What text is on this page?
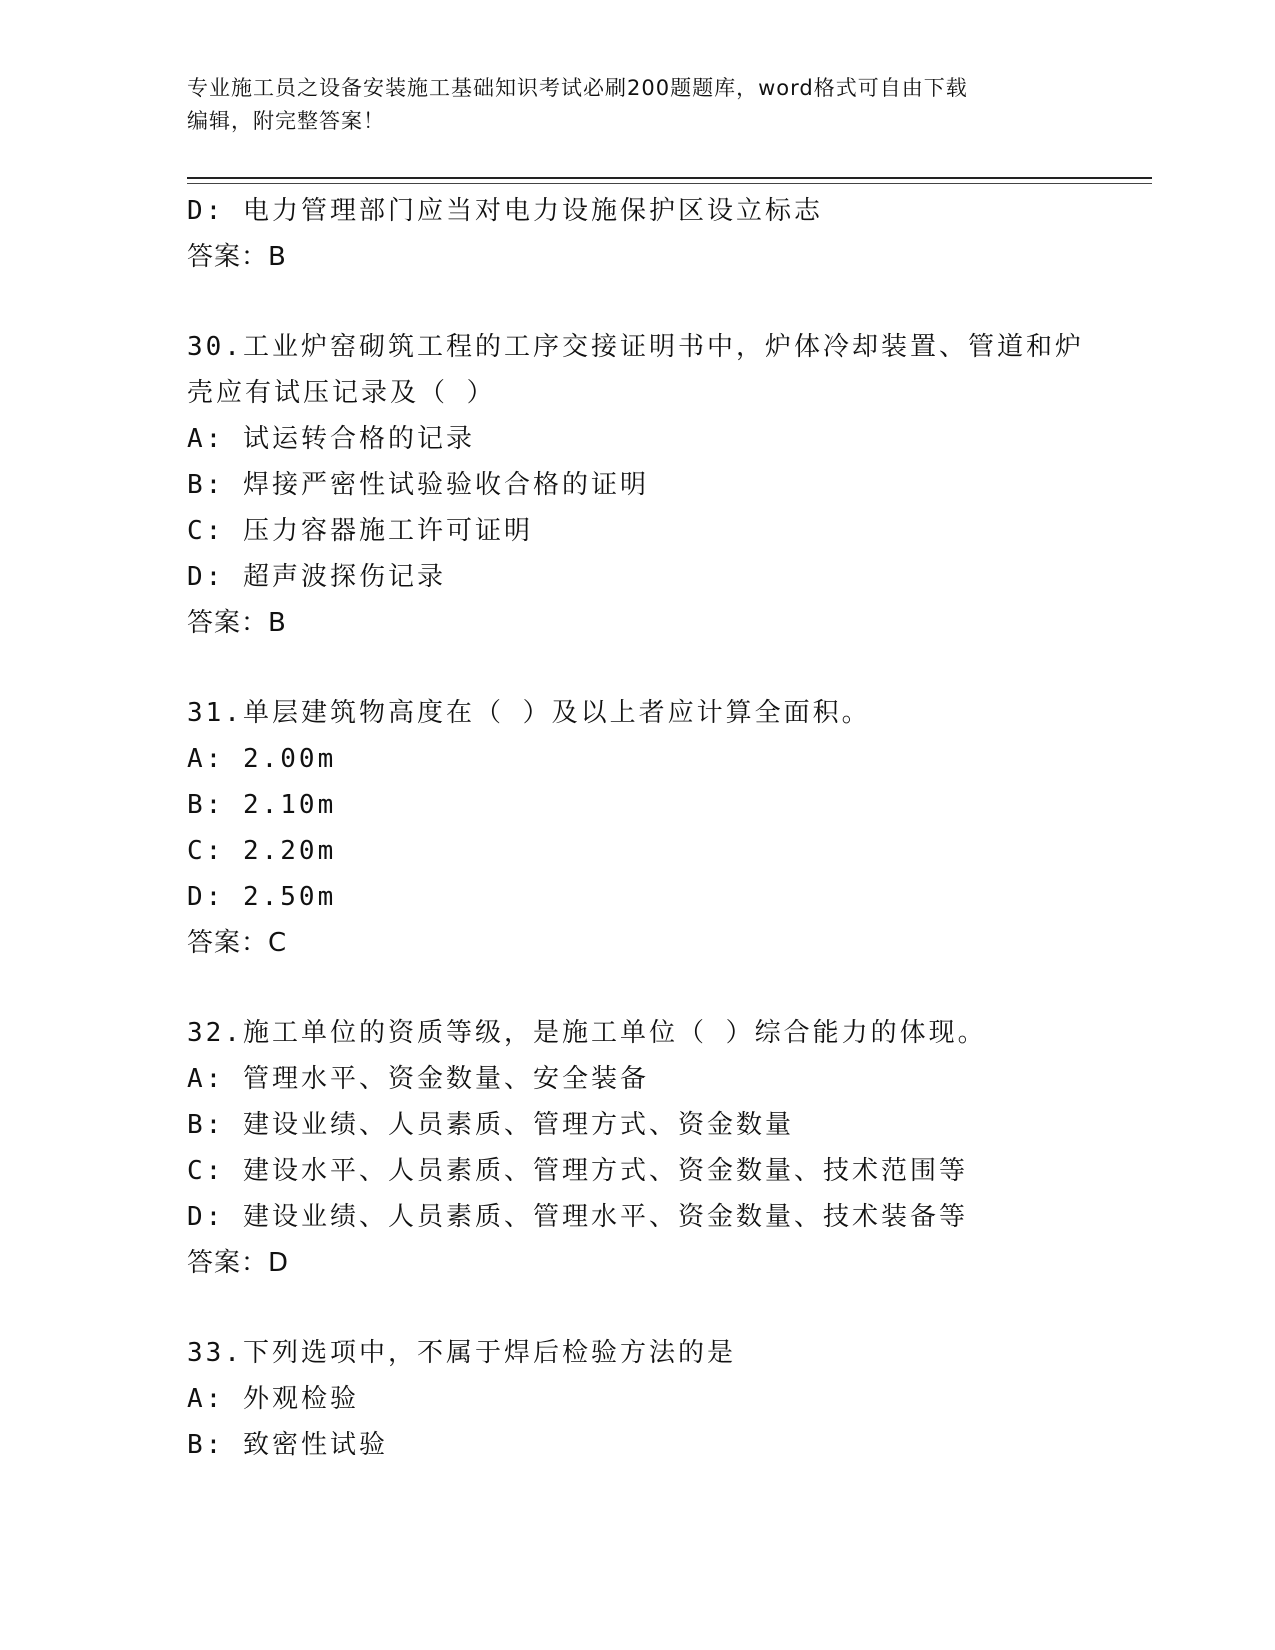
专业施工员之设备安装施工基础知识考试必刷200题题库，word格式可自由下载
编辑，附完整答案！
D: 电力管理部门应当对电力设施保护区设立标志
答案：B
30.工业炉窑砌筑工程的工序交接证明书中，炉体冷却装置、管道和炉
壳应有试压记录及（ ）
A: 试运转合格的记录
B: 焊接严密性试验验收合格的证明
C: 压力容器施工许可证明
D: 超声波探伤记录
答案：B
31.单层建筑物高度在（ ）及以上者应计算全面积。
A: 2.00m
B: 2.10m
C: 2.20m
D: 2.50m
答案：C
32.施工单位的资质等级，是施工单位（ ）综合能力的体现。
A: 管理水平、资金数量、安全装备
B: 建设业绩、人员素质、管理方式、资金数量
C: 建设水平、人员素质、管理方式、资金数量、技术范围等
D: 建设业绩、人员素质、管理水平、资金数量、技术装备等
答案：D
33.下列选项中，不属于焊后检验方法的是
A: 外观检验
B: 致密性试验
